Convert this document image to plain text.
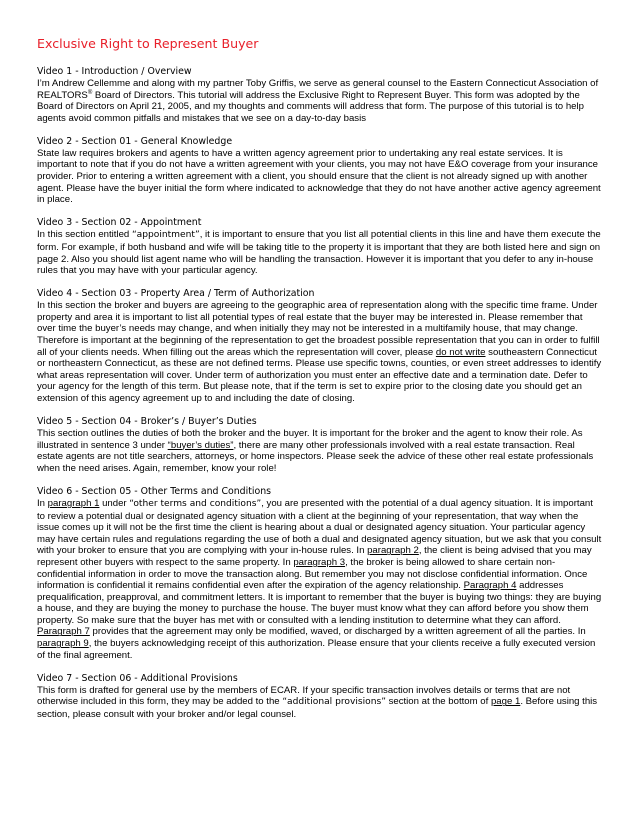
Exclusive Right to Represent Buyer
Video 1 - Introduction / Overview

I’m Andrew Cellemme and along with my partner Toby Griffis, we serve as general counsel to the Eastern Connecticut Association of REALTORS® Board of Directors. This tutorial will address the Exclusive Right to Represent Buyer. This form was adopted by the Board of Directors on April 21, 2005, and my thoughts and comments will address that form. The purpose of this tutorial is to help agents avoid common pitfalls and mistakes that we see on a day-to-day basis

Video 2 - Section 01 - General Knowledge

State law requires brokers and agents to have a written agency agreement prior to undertaking any real estate services. It is important to note that if you do not have a written agreement with your clients, you may not have E&O coverage from your insurance provider. Prior to entering a written agreement with a client, you should ensure that the client is not already signed up with another agent. Please have the buyer initial the form where indicated to acknowledge that they do not have another active agency agreement in place.

Video 3 - Section 02 - Appointment

In this section entitled “appointment”, it is important to ensure that you list all potential clients in this line and have them execute the form. For example, if both husband and wife will be taking title to the property it is important that they are both listed here and sign on page 2. Also you should list agent name who will be handling the transaction. However it is important that you defer to any in-house rules that you may have with your particular agency.

Video 4 - Section 03 - Property Area / Term of Authorization

In this section the broker and buyers are agreeing to the geographic area of representation along with the specific time frame. Under property and area it is important to list all potential types of real estate that the buyer may be interested in. Please remember that over time the buyer’s needs may change, and when initially they may not be interested in a multifamily house, that may change. Therefore is important at the beginning of the representation to get the broadest possible representation that you can in order to fulfill all of your clients needs. When filling out the areas which the representation will cover, please do not write southeastern Connecticut or northeastern Connecticut, as these are not defined terms. Please use specific towns, counties, or even street addresses to identify what areas representation will cover. Under term of authorization you must enter an effective date and a termination date. Defer to your agency for the length of this term. But please note, that if the term is set to expire prior to the closing date you should get an extension of this agency agreement up to and including the date of closing.

Video 5 - Section 04 - Broker’s / Buyer’s Duties

This section outlines the duties of both the broker and the buyer. It is important for the broker and the agent to know their role. As illustrated in sentence 3 under “buyer’s duties”, there are many other professionals involved with a real estate transaction. Real estate agents are not title searchers, attorneys, or home inspectors. Please seek the advice of these other real estate professionals when the need arises. Again, remember, know your role!

Video 6 - Section 05 - Other Terms and Conditions

In paragraph 1 under “other terms and conditions”, you are presented with the potential of a dual agency situation. It is important to review a potential dual or designated agency situation with a client at the beginning of your representation, that way when the issue comes up it will not be the first time the client is hearing about a dual or designated agency situation. Your particular agency may have certain rules and regulations regarding the use of both a dual and designated agency situation, but we ask that you consult with your broker to ensure that you are complying with your in-house rules. In paragraph 2, the client is being advised that you may represent other buyers with respect to the same property. In paragraph 3, the broker is being allowed to share certain non-confidential information in order to move the transaction along. But remember you may not disclose confidential information. Once information is confidential it remains confidential even after the expiration of the agency relationship. Paragraph 4 addresses prequalification, preapproval, and commitment letters. It is important to remember that the buyer is buying two things: they are buying a house, and they are buying the money to purchase the house. The buyer must know what they can afford before you show them property. So make sure that the buyer has met with or consulted with a lending institution to determine what they can afford. Paragraph 7 provides that the agreement may only be modified, waved, or discharged by a written agreement of all the parties. In paragraph 9, the buyers acknowledging receipt of this authorization. Please ensure that your clients receive a fully executed version of the final agreement.

Video 7 - Section 06 - Additional Provisions

This form is drafted for general use by the members of ECAR. If your specific transaction involves details or terms that are not otherwise included in this form, they may be added to the “additional provisions” section at the bottom of page 1. Before using this section, please consult with your broker and/or legal counsel.
